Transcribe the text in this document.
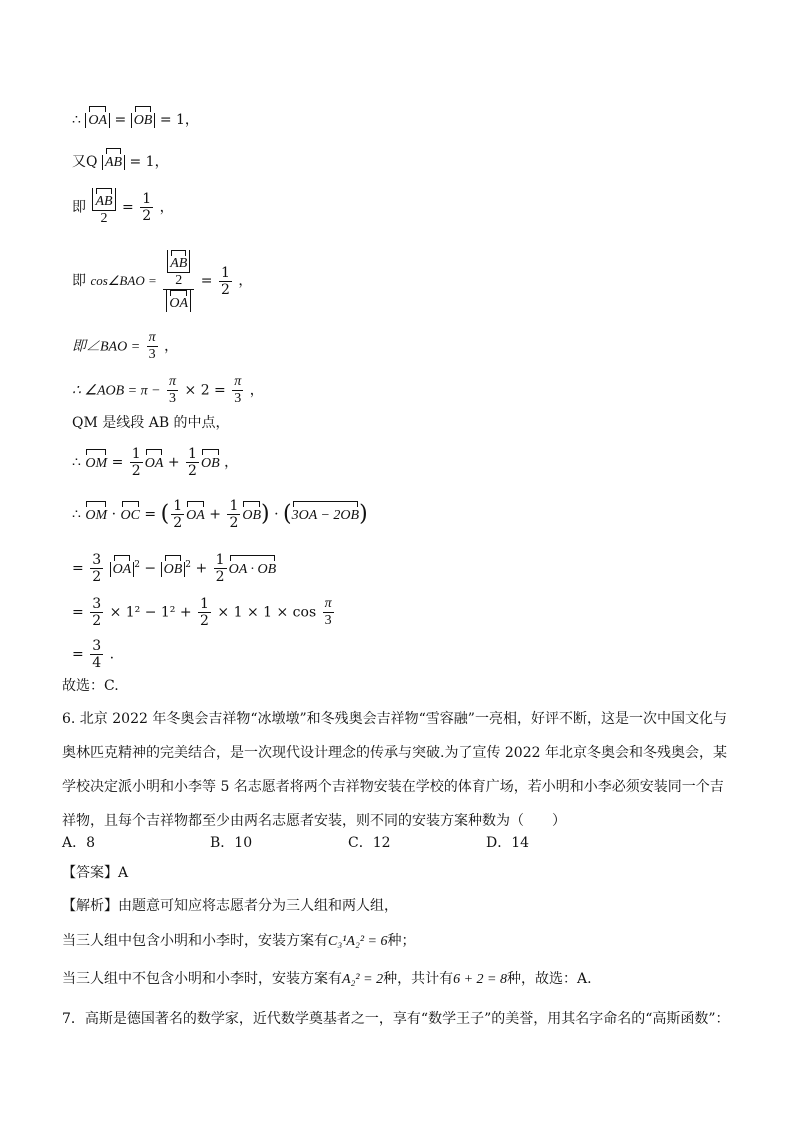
∴ OA = OB = 1，
又Q AB = 1，
即 $\frac{AB}{2} = \frac{1}{2}$ ，
即 cos∠BAO = $\frac{\frac{AB}{2}}{OA} = \frac{1}{2}$ ，
即∠BAO = $\frac{\pi}{3}$ ，
∴ ∠AOB = $\pi - \frac{\pi}{3} \times 2 = \frac{\pi}{3}$ ，
QM 是线段 AB 的中点，
∴ OM = $\frac{1}{2}$ OA + $\frac{1}{2}$ OB ，
∴ OM · OC = ( $\frac{1}{2}$ OA + $\frac{1}{2} OB) \cdot (3OA - 2OB)$
= $\frac{3}{2}$ OA $^2$ − OB $^2 + \frac{1}{2}$ OA · OB
= $\frac{3}{2} \times 1^2 - 1^2 + \frac{1}{2} \times 1 \times 1 \times \cos \frac{\pi}{3}$
= $\frac{3}{4}$ .
故选：C.
6. 北京 2022 年冬奥会吉祥物“冰墩墩”和冬残奥会吉祥物“雪容融”一亮相，好评不断，这是一次中国文化与奥林匹克精神的完美结合，是一次现代设计理念的传承与突破.为了宣传 2022 年北京冬奥会和冬残奥会，某学校决定派小明和小李等 5 名志愿者将两个吉祥物安装在学校的体育广场，若小明和小李必须安装同一个吉祥物，且每个吉祥物都至少由两名志愿者安装，则不同的安装方案种数为（　　）
A．8	B．10	C．12	D．14
【答案】A
【解析】由题意可知应将志愿者分为三人组和两人组，
当三人组中包含小明和小李时，安装方案有C₃¹A₂² = 6种；
当三人组中不包含小明和小李时，安装方案有A₂² = 2种，共计有6 + 2 = 8种，故选：A.
7．高斯是德国著名的数学家，近代数学奠基者之一，享有“数学王子”的美誉，用其名字命名的“高斯函数”：
